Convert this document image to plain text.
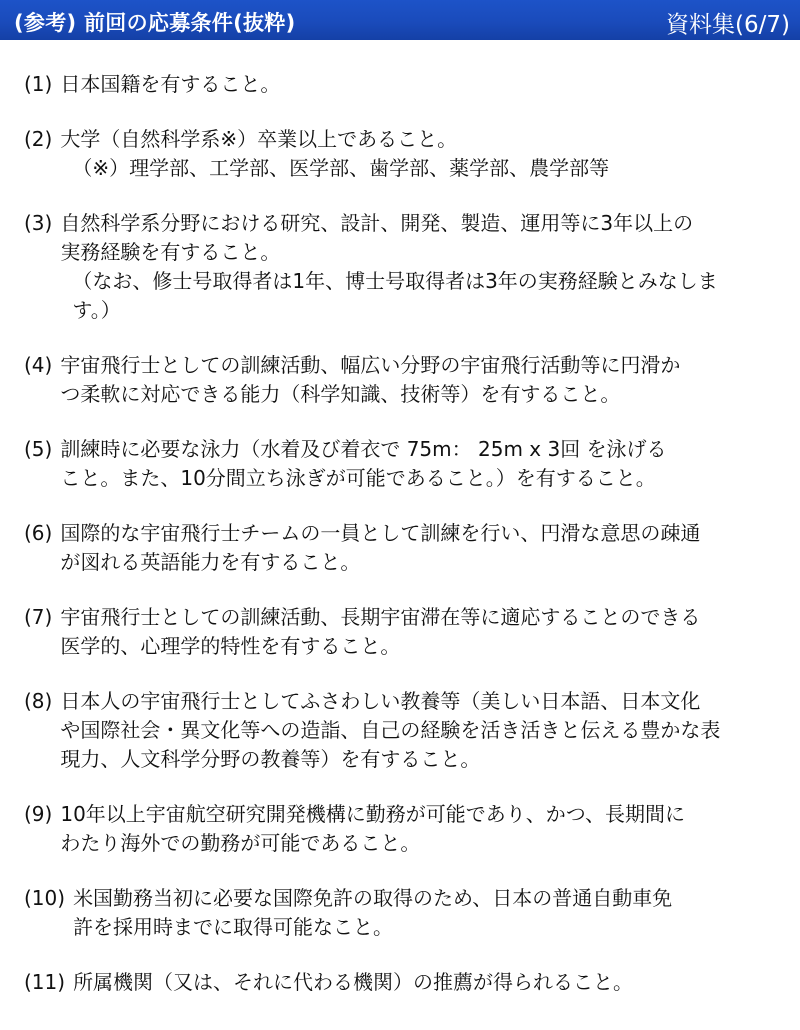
(参考) 前回の応募条件(抜粋)	資料集(6/7)
(1) 日本国籍を有すること。
(2) 大学（自然科学系※）卒業以上であること。
（※）理学部、工学部、医学部、歯学部、薬学部、農学部等
(3) 自然科学系分野における研究、設計、開発、製造、運用等に3年以上の
実務経験を有すること。
（なお、修士号取得者は1年、博士号取得者は3年の実務経験とみなしま
す。）
(4) 宇宙飛行士としての訓練活動、幅広い分野の宇宙飛行活動等に円滑か
つ柔軟に対応できる能力（科学知識、技術等）を有すること。
(5) 訓練時に必要な泳力（水着及び着衣で 75m： 25m x 3回 を泳げる
こと。また、10分間立ち泳ぎが可能であること。）を有すること。
(6) 国際的な宇宙飛行士チームの一員として訓練を行い、円滑な意思の疎通
が図れる英語能力を有すること。
(7) 宇宙飛行士としての訓練活動、長期宇宙滞在等に適応することのできる
医学的、心理学的特性を有すること。
(8) 日本人の宇宙飛行士としてふさわしい教養等（美しい日本語、日本文化
や国際社会・異文化等への造詣、自己の経験を活き活きと伝える豊かな表
現力、人文科学分野の教養等）を有すること。
(9) 10年以上宇宙航空研究開発機構に勤務が可能であり、かつ、長期間に
わたり海外での勤務が可能であること。
(10) 米国勤務当初に必要な国際免許の取得のため、日本の普通自動車免
許を採用時までに取得可能なこと。
(11) 所属機関（又は、それに代わる機関）の推薦が得られること。
